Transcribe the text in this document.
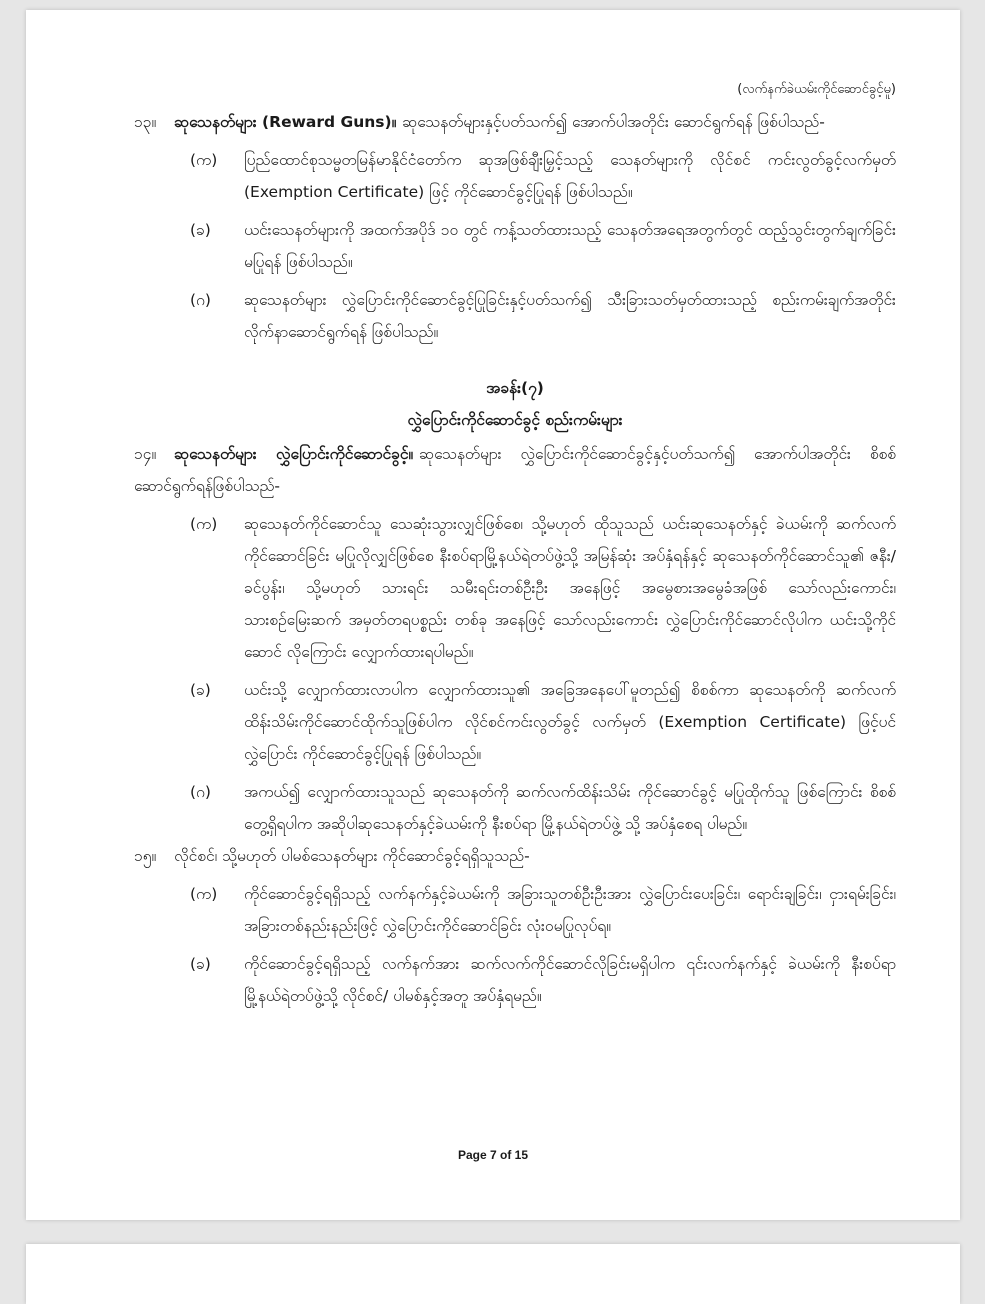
(လက်နက်ခဲယမ်းကိုင်ဆောင်ခွင့်မူ)

၁၃။ ဆုသေနတ်များ (Reward Guns)။ ဆုသေနတ်များနှင့်ပတ်သက်၍ အောက်ပါအတိုင်း ဆောင်ရွက်ရန် ဖြစ်ပါသည်-

(က) ပြည်ထောင်စုသမ္မတမြန်မာနိုင်ငံတော်က ဆုအဖြစ်ချီးမြှင့်သည့် သေနတ်များကို လိုင်စင် ကင်းလွတ်ခွင့်လက်မှတ် (Exemption Certificate) ဖြင့် ကိုင်ဆောင်ခွင့်ပြုရန် ဖြစ်ပါသည်။
(ခ) ယင်းသေနတ်များကို အထက်အပိုဒ် ၁၀ တွင် ကန့်သတ်ထားသည့် သေနတ်အရေအတွက်တွင် ထည့်သွင်းတွက်ချက်ခြင်းမပြုရန် ဖြစ်ပါသည်။
(ဂ) ဆုသေနတ်များ လွှဲပြောင်းကိုင်ဆောင်ခွင့်ပြုခြင်းနှင့်ပတ်သက်၍ သီးခြားသတ်မှတ်ထားသည့် စည်းကမ်းချက်အတိုင်း လိုက်နာဆောင်ရွက်ရန် ဖြစ်ပါသည်။
အခန်း(၇)
လွှဲပြောင်းကိုင်ဆောင်ခွင့် စည်းကမ်းများ

၁၄။ ဆုသေနတ်များ လွှဲပြောင်းကိုင်ဆောင်ခွင့်။ ဆုသေနတ်များ လွှဲပြောင်းကိုင်ဆောင်ခွင့်နှင့်ပတ်သက်၍ အောက်ပါအတိုင်း စိစစ်ဆောင်ရွက်ရန်ဖြစ်ပါသည်-

(က) ဆုသေနတ်ကိုင်ဆောင်သူ သေဆုံးသွားလျှင်ဖြစ်စေ၊ သို့မဟုတ် ထိုသူသည် ယင်းဆုသေနတ်နှင့် ခဲယမ်းကို ဆက်လက်ကိုင်ဆောင်ခြင်း မပြုလိုလျှင်ဖြစ်စေ နီးစပ်ရာမြို့နယ်ရဲတပ်ဖွဲ့သို့ အမြန်ဆုံး အပ်နှံရန်နှင့် ဆုသေနတ်ကိုင်ဆောင်သူ၏ ဇနီး/ ခင်ပွန်း၊ သို့မဟုတ် သားရင်း သမီးရင်းတစ်ဦးဦး အနေဖြင့် အမွေစားအမွေခံအဖြစ် သော်လည်းကောင်း၊ သားစဉ်မြေးဆက် အမှတ်တရပစ္စည်း တစ်ခု အနေဖြင့် သော်လည်းကောင်း လွှဲပြောင်းကိုင်ဆောင်လိုပါက ယင်းသို့ကိုင်ဆောင် လိုကြောင်း လျှောက်ထားရပါမည်။
(ခ) ယင်းသို့ လျှောက်ထားလာပါက လျှောက်ထားသူ၏ အခြေအနေပေါ်မူတည်၍ စိစစ်ကာ ဆုသေနတ်ကို ဆက်လက်ထိန်းသိမ်းကိုင်ဆောင်ထိုက်သူဖြစ်ပါက လိုင်စင်ကင်းလွတ်ခွင့် လက်မှတ် (Exemption Certificate) ဖြင့်ပင် လွှဲပြောင်း ကိုင်ဆောင်ခွင့်ပြုရန် ဖြစ်ပါသည်။
(ဂ) အကယ်၍ လျှောက်ထားသူသည် ဆုသေနတ်ကို ဆက်လက်ထိန်းသိမ်း ကိုင်ဆောင်ခွင့် မပြုထိုက်သူ ဖြစ်ကြောင်း စိစစ်တွေ့ရှိရပါက အဆိုပါဆုသေနတ်နှင့်ခဲယမ်းကို နီးစပ်ရာ မြို့နယ်ရဲတပ်ဖွဲ့ သို့ အပ်နှံစေရ ပါမည်။

၁၅။ လိုင်စင်၊ သို့မဟုတ် ပါမစ်သေနတ်များ ကိုင်ဆောင်ခွင့်ရရှိသူသည်-

(က) ကိုင်ဆောင်ခွင့်ရရှိသည့် လက်နက်နှင့်ခဲယမ်းကို အခြားသူတစ်ဦးဦးအား လွှဲပြောင်းပေးခြင်း၊ ရောင်းချခြင်း၊ ငှားရမ်းခြင်း၊ အခြားတစ်နည်းနည်းဖြင့် လွှဲပြောင်းကိုင်ဆောင်ခြင်း လုံးဝမပြုလုပ်ရ။
(ခ) ကိုင်ဆောင်ခွင့်ရရှိသည့် လက်နက်အား ဆက်လက်ကိုင်ဆောင်လိုခြင်းမရှိပါက ၎င်းလက်နက်နှင့် ခဲယမ်းကို နီးစပ်ရာမြို့နယ်ရဲတပ်ဖွဲ့သို့ လိုင်စင်/ ပါမစ်နှင့်အတူ အပ်နှံရမည်။
Page 7 of 15
